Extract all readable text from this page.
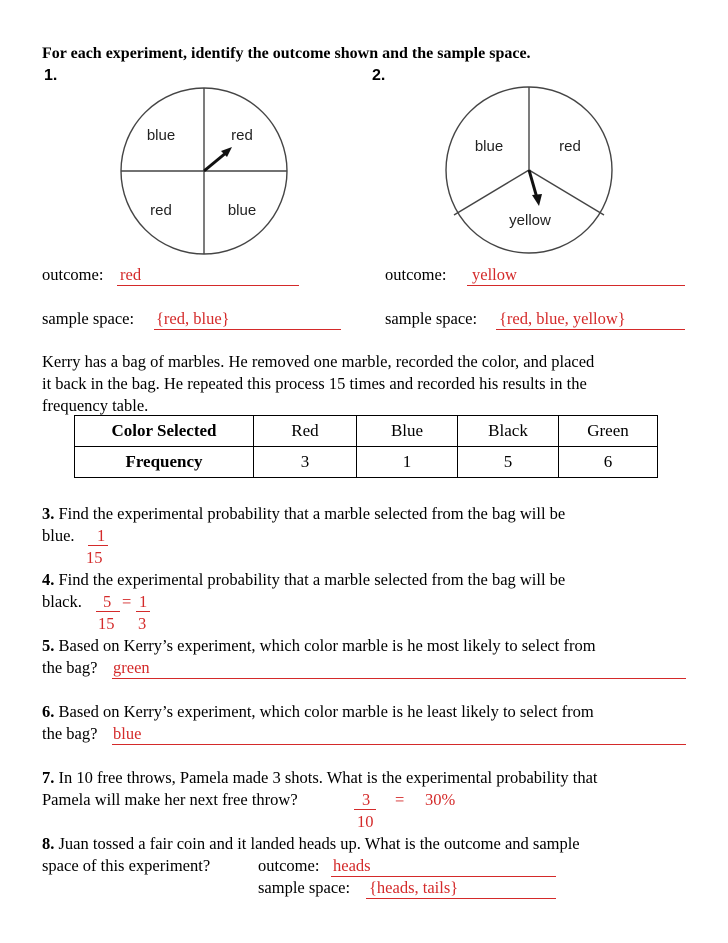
For each experiment, identify the outcome shown and the sample space.
1.	2.
blue	red
red	blue
blue	red
yellow
outcome: red
sample space: {red, blue}
outcome: yellow
sample space: {red, blue, yellow}
Kerry has a bag of marbles. He removed one marble, recorded the color, and placed
it back in the bag. He repeated this process 15 times and recorded his results in the
frequency table.
Color Selected	Red	Blue	Black	Green
Frequency	3	1	5	6
3. Find the experimental probability that a marble selected from the bag will be
blue. 1
15
4. Find the experimental probability that a marble selected from the bag will be
black. 5 = 1
15 3
5. Based on Kerry’s experiment, which color marble is he most likely to select from
the bag? green
6. Based on Kerry’s experiment, which color marble is he least likely to select from
the bag? blue
7. In 10 free throws, Pamela made 3 shots. What is the experimental probability that
Pamela will make her next free throw?	3 = 30%
10
8. Juan tossed a fair coin and it landed heads up. What is the outcome and sample
space of this experiment?	outcome: heads
sample space: {heads, tails}
